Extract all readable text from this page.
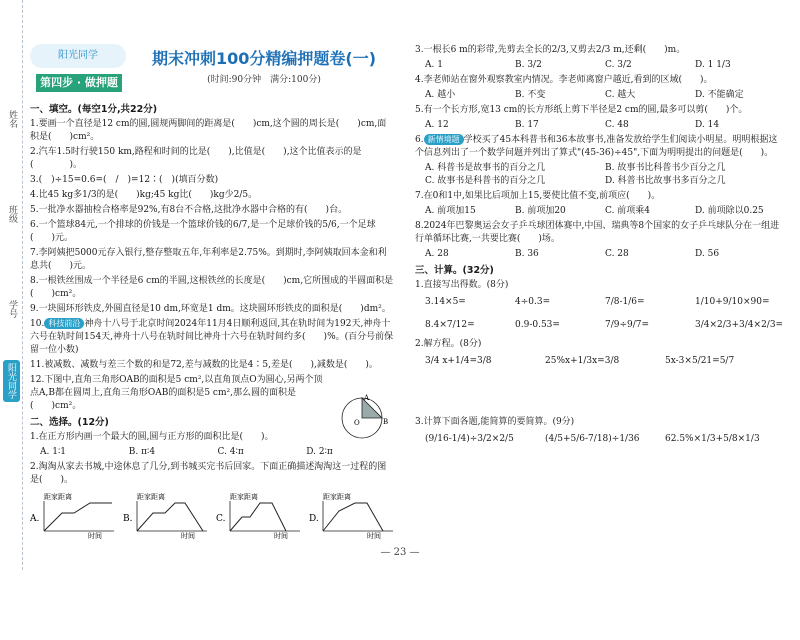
姓名
班级
学号
阳光同学
阳光同学
第四步 · 做押题
期末冲刺100分精编押题卷(一)
(时间:90分钟　满分:100分)
一、填空。(每空1分,共22分)
1.要画一个直径是12 cm的圆,圆规两脚间的距离是(　　)cm,这个圆的周长是(　　)cm,面积是(　　)cm²。
2.汽车1.5时行驶150 km,路程和时间的比是(　　),比值是(　　),这个比值表示的是(　　　　)。
3.(　)÷15=0.6=(　/　)=12∶(　)(填百分数)
4.比45 kg多1/3的是(　　)kg;45 kg比(　　)kg少2/5。
5.一批净水器抽检合格率是92%,有8台不合格,这批净水器中合格的有(　　)台。
6.一个篮球84元,一个排球的价钱是一个篮球价钱的6/7,是一个足球价钱的5/6,一个足球(　　)元。
7.李阿姨把5000元存入银行,整存整取五年,年利率是2.75%。到期时,李阿姨取回本金和利息共(　　)元。
8.一根铁丝围成一个半径是6 cm的半圆,这根铁丝的长度是(　　)cm,它所围成的半圆面积是(　　)cm²。
9.一块圆环形铁皮,外圆直径是10 dm,环宽是1 dm。这块圆环形铁皮的面积是(　　)dm²。
10. 科技前沿 神舟十八号于北京时间2024年11月4日顺利返回,其在轨时间为192天,神舟十六号在轨时间154天,神舟十八号在轨时间比神舟十六号在轨时间约多(　　)%。(百分号前保留一位小数)
11.被减数、减数与差三个数的和是72,差与减数的比是4∶5,差是(　　),减数是(　　)。
12.下图中,直角三角形OAB的面积是5 cm²,以直角顶点O为圆心,另两个顶点A,B都在圆周上,直角三角形OAB的面积是5 cm²,那么圆的面积是(　　)cm²。
二、选择。(12分)
1.在正方形内画一个最大的圆,圆与正方形的面积比是(　　)。
A. 1∶1	B. π∶4	C. 4∶π	D. 2∶π
2.淘淘从家去书城,中途休息了几分,到书城买完书后回家。下面正确描述淘淘这一过程的图是(　　)。
A.
距家距离
时间
B.
距家距离
时间
C.
距家距离
时间
D.
距家距离
时间
A
B
O
3.一根长6 m的彩带,先剪去全长的2/3,又剪去2/3 m,还剩(　　)m。
A. 1	B. 3/2	C. 3/2	D. 1 1/3
4.李老师站在窗外观察教室内情况。李老师离窗户越近,看到的区域(　　)。
A. 越小	B. 不变	C. 越大	D. 不能确定
5.有一个长方形,宽13 cm的长方形纸上剪下半径是2 cm的圆,最多可以剪(　　)个。
A. 12	B. 17	C. 48	D. 14
6. 新情境题 学校买了45本科普书和36本故事书,准备发放给学生们阅读小明星。明明根据这个信息列出了一个数学问题并列出了算式"(45-36)÷45",下面为明明提出的问题是(　　)。
A. 科普书是故事书的百分之几	B. 故事书比科普书少百分之几
C. 故事书是科普书的百分之几	D. 科普书比故事书多百分之几
7.在0和1中,如果比后项加上15,要使比值不变,前项应(　　)。
A. 前项加15	B. 前项加20	C. 前项乘4	D. 前项除以0.25
8.2024年巴黎奥运会女子乒乓球团体赛中,中国、瑞典等8个国家的女子乒乓球队分在一组进行单循环比赛,一共要比赛(　　)场。
A. 28	B. 36	C. 28	D. 56
三、计算。(32分)
1.直接写出得数。(8分)
3.14×5=	4÷0.3=	7/8-1/6=	1/10+9/10×90=
8.4×7/12=	0.9-0.53=	7/9÷9/7=	3/4×2/3+3/4×2/3=
2.解方程。(8分)
3/4 x+1/4=3/8	25%x+1/3x=3/8	5x-3×5/21=5/7
3.计算下面各题,能简算的要简算。(9分)
(9/16-1/4)÷3/2×2/5	(4/5+5/6-7/18)÷1/36	62.5%×1/3+5/8×1/3
— 23 —
